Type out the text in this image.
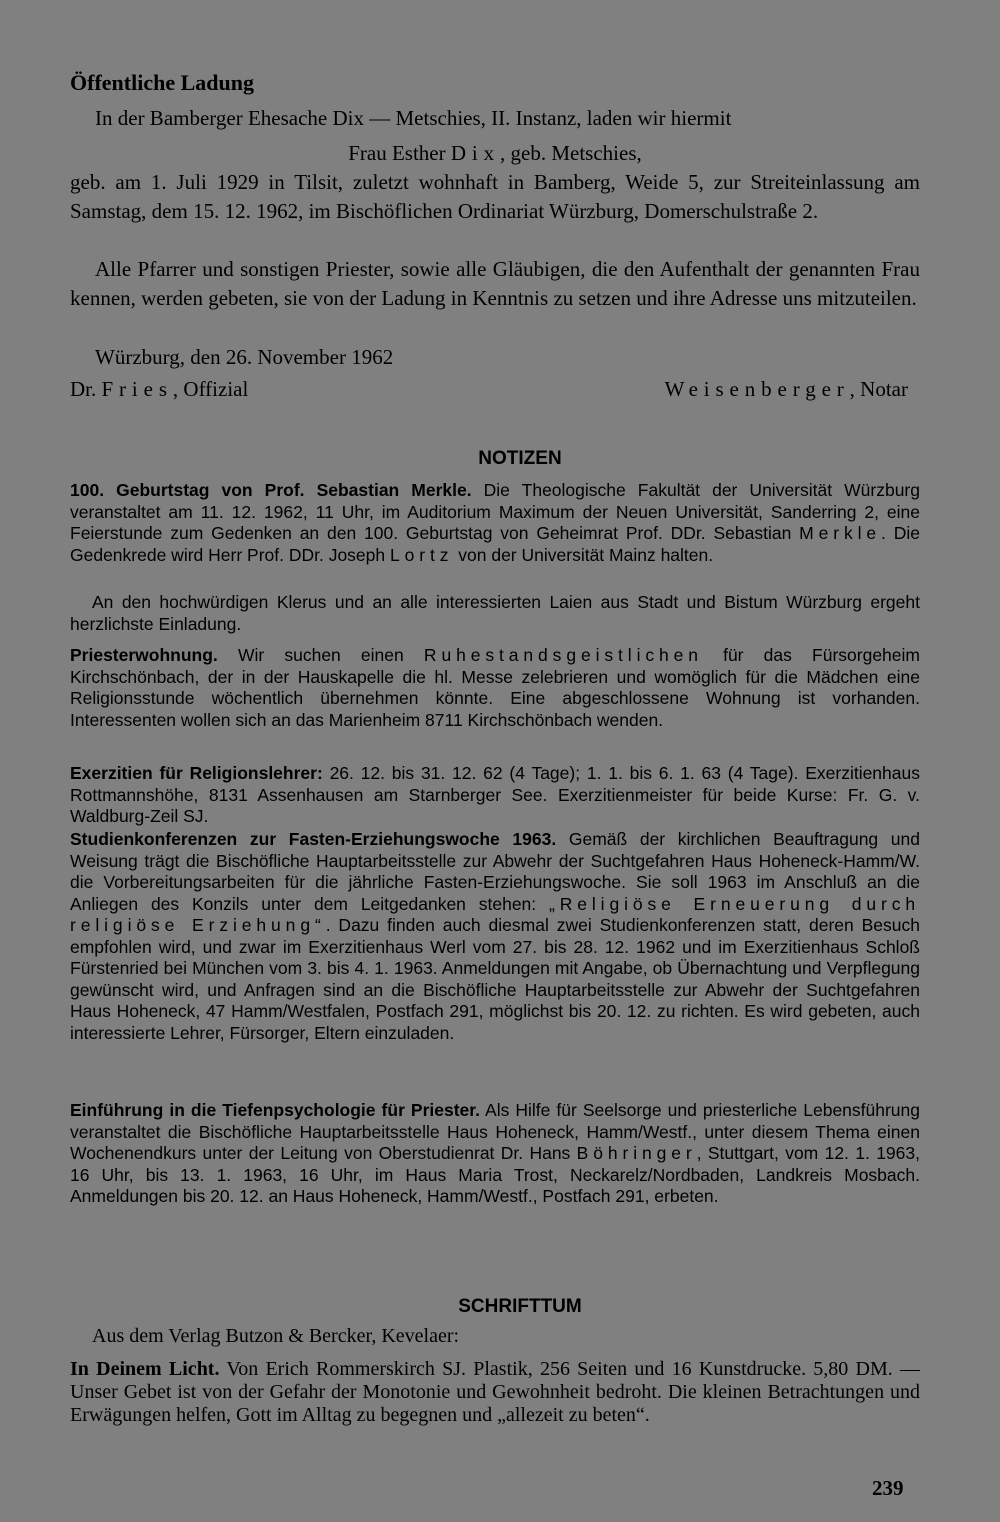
Öffentliche Ladung
In der Bamberger Ehesache Dix — Metschies, II. Instanz, laden wir hiermit
Frau Esther Dix, geb. Metschies,
geb. am 1. Juli 1929 in Tilsit, zuletzt wohnhaft in Bamberg, Weide 5, zur Streiteinlassung am Samstag, dem 15. 12. 1962, im Bischöflichen Ordinariat Würzburg, Domerschulstraße 2.
Alle Pfarrer und sonstigen Priester, sowie alle Gläubigen, die den Aufenthalt der genannten Frau kennen, werden gebeten, sie von der Ladung in Kenntnis zu setzen und ihre Adresse uns mitzuteilen.
Würzburg, den 26. November 1962
Dr. Fries, Offizial	Weisenberger, Notar
NOTIZEN
100. Geburtstag von Prof. Sebastian Merkle. Die Theologische Fakultät der Universität Würzburg veranstaltet am 11. 12. 1962, 11 Uhr, im Auditorium Maximum der Neuen Universität, Sanderring 2, eine Feierstunde zum Gedenken an den 100. Geburtstag von Geheimrat Prof. DDr. Sebastian Merkle. Die Gedenkrede wird Herr Prof. DDr. Joseph Lortz von der Universität Mainz halten.
An den hochwürdigen Klerus und an alle interessierten Laien aus Stadt und Bistum Würzburg ergeht herzlichste Einladung.
Priesterwohnung. Wir suchen einen Ruhestandsgeistlichen für das Fürsorgeheim Kirchschönbach, der in der Hauskapelle die hl. Messe zelebrieren und womöglich für die Mädchen eine Religionsstunde wöchentlich übernehmen könnte. Eine abgeschlossene Wohnung ist vorhanden. Interessenten wollen sich an das Marienheim 8711 Kirchschönbach wenden.
Exerzitien für Religionslehrer: 26. 12. bis 31. 12. 62 (4 Tage); 1. 1. bis 6. 1. 63 (4 Tage). Exerzitienhaus Rottmannshöhe, 8131 Assenhausen am Starnberger See. Exerzitienmeister für beide Kurse: Fr. G. v. Waldburg-Zeil SJ.
Studienkonferenzen zur Fasten-Erziehungswoche 1963. Gemäß der kirchlichen Beauftragung und Weisung trägt die Bischöfliche Hauptarbeitsstelle zur Abwehr der Suchtgefahren Haus Hoheneck-Hamm/W. die Vorbereitungsarbeiten für die jährliche Fasten-Erziehungswoche. Sie soll 1963 im Anschluß an die Anliegen des Konzils unter dem Leitgedanken stehen: „Religiöse Erneuerung durch religiöse Erziehung“. Dazu finden auch diesmal zwei Studienkonferenzen statt, deren Besuch empfohlen wird, und zwar im Exerzitienhaus Werl vom 27. bis 28. 12. 1962 und im Exerzitienhaus Schloß Fürstenried bei München vom 3. bis 4. 1. 1963. Anmeldungen mit Angabe, ob Übernachtung und Verpflegung gewünscht wird, und Anfragen sind an die Bischöfliche Hauptarbeitsstelle zur Abwehr der Suchtgefahren Haus Hoheneck, 47 Hamm/Westfalen, Postfach 291, möglichst bis 20. 12. zu richten. Es wird gebeten, auch interessierte Lehrer, Fürsorger, Eltern einzuladen.
Einführung in die Tiefenpsychologie für Priester. Als Hilfe für Seelsorge und priesterliche Lebensführung veranstaltet die Bischöfliche Hauptarbeitsstelle Haus Hoheneck, Hamm/Westf., unter diesem Thema einen Wochenendkurs unter der Leitung von Oberstudienrat Dr. Hans Böhringer, Stuttgart, vom 12. 1. 1963, 16 Uhr, bis 13. 1. 1963, 16 Uhr, im Haus Maria Trost, Neckarelz/Nordbaden, Landkreis Mosbach. Anmeldungen bis 20. 12. an Haus Hoheneck, Hamm/Westf., Postfach 291, erbeten.
SCHRIFTTUM
Aus dem Verlag Butzon & Bercker, Kevelaer:
In Deinem Licht. Von Erich Rommerskirch SJ. Plastik, 256 Seiten und 16 Kunstdrucke. 5,80 DM. — Unser Gebet ist von der Gefahr der Monotonie und Gewohnheit bedroht. Die kleinen Betrachtungen und Erwägungen helfen, Gott im Alltag zu begegnen und „allezeit zu beten“.
239
